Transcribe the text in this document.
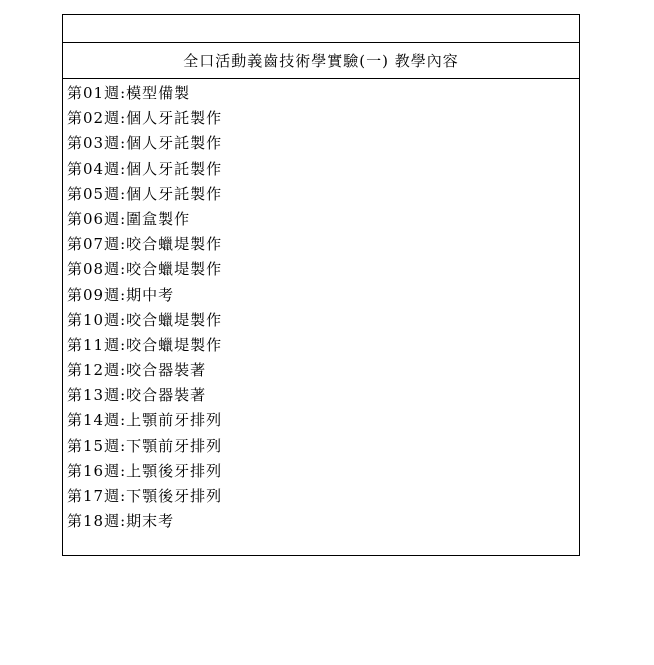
全口活動義齒技術學實驗(一) 教學內容
第01週:模型備製
第02週:個人牙託製作
第03週:個人牙託製作
第04週:個人牙託製作
第05週:個人牙託製作
第06週:圍盒製作
第07週:咬合蠟堤製作
第08週:咬合蠟堤製作
第09週:期中考
第10週:咬合蠟堤製作
第11週:咬合蠟堤製作
第12週:咬合器裝著
第13週:咬合器裝著
第14週:上顎前牙排列
第15週:下顎前牙排列
第16週:上顎後牙排列
第17週:下顎後牙排列
第18週:期末考
